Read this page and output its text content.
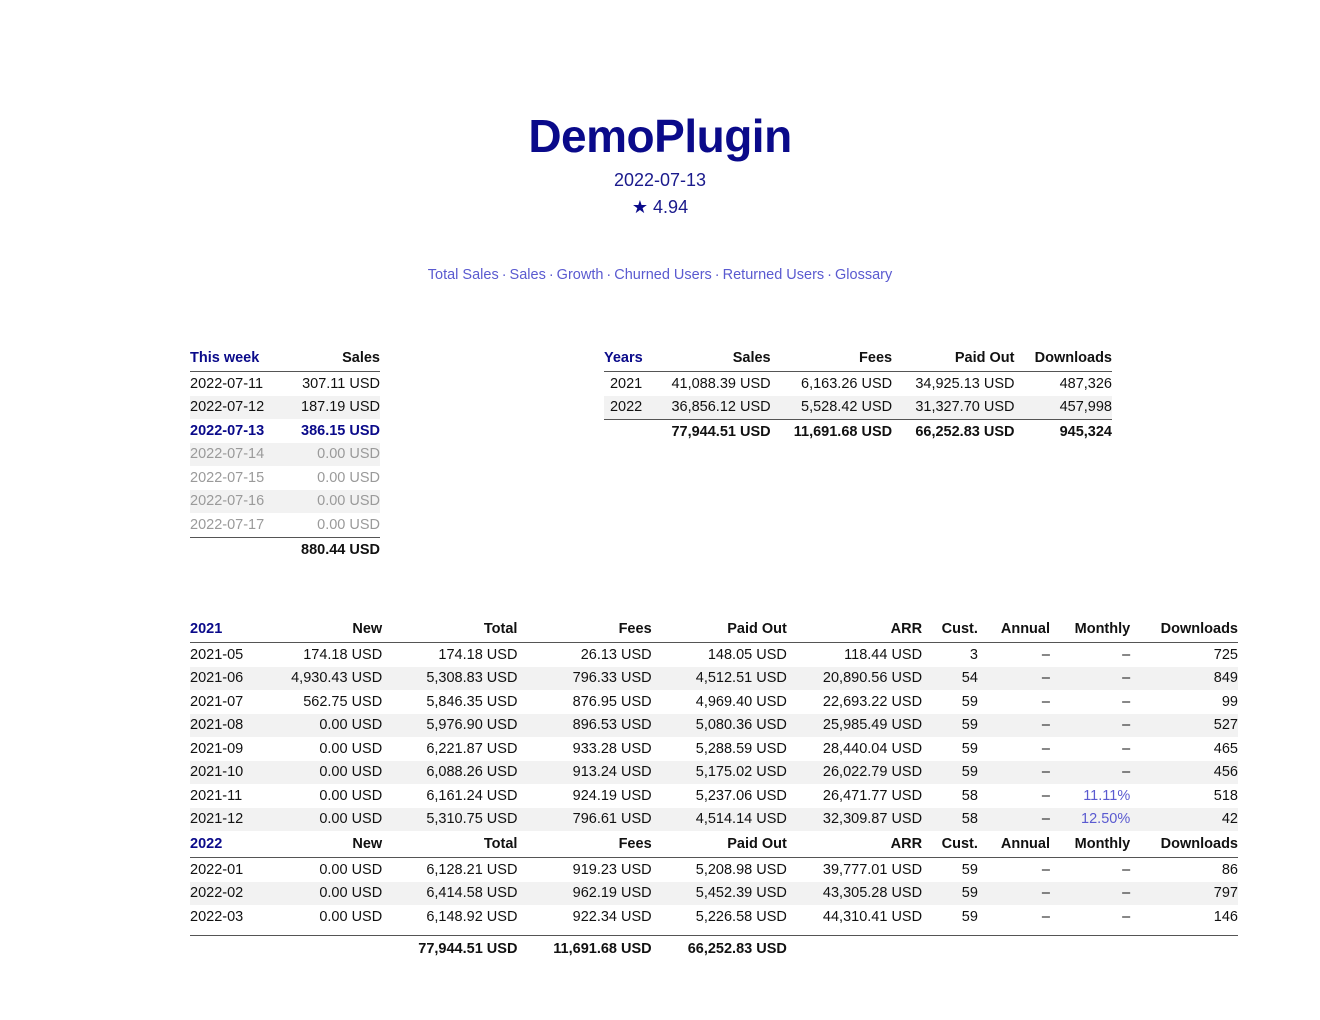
DemoPlugin
2022-07-13
★ 4.94
Total Sales · Sales · Growth · Churned Users · Returned Users · Glossary
This week	Sales
2022-07-11	307.11 USD
2022-07-12	187.19 USD
2022-07-13	386.15 USD
2022-07-14	0.00 USD
2022-07-15	0.00 USD
2022-07-16	0.00 USD
2022-07-17	0.00 USD
	880.44 USD
Years	Sales	Fees	Paid Out	Downloads
2021	41,088.39 USD	6,163.26 USD	34,925.13 USD	487,326
2022	36,856.12 USD	5,528.42 USD	31,327.70 USD	457,998
	77,944.51 USD	11,691.68 USD	66,252.83 USD	945,324
2021	New	Total	Fees	Paid Out	ARR	Cust.	Annual	Monthly	Downloads
2021-05	174.18 USD	174.18 USD	26.13 USD	148.05 USD	118.44 USD	3	–	–	725
2021-06	4,930.43 USD	5,308.83 USD	796.33 USD	4,512.51 USD	20,890.56 USD	54	–	–	849
2021-07	562.75 USD	5,846.35 USD	876.95 USD	4,969.40 USD	22,693.22 USD	59	–	–	99
2021-08	0.00 USD	5,976.90 USD	896.53 USD	5,080.36 USD	25,985.49 USD	59	–	–	527
2021-09	0.00 USD	6,221.87 USD	933.28 USD	5,288.59 USD	28,440.04 USD	59	–	–	465
2021-10	0.00 USD	6,088.26 USD	913.24 USD	5,175.02 USD	26,022.79 USD	59	–	–	456
2021-11	0.00 USD	6,161.24 USD	924.19 USD	5,237.06 USD	26,471.77 USD	58	–	11.11%	518
2021-12	0.00 USD	5,310.75 USD	796.61 USD	4,514.14 USD	32,309.87 USD	58	–	12.50%	42
2022	New	Total	Fees	Paid Out	ARR	Cust.	Annual	Monthly	Downloads
2022-01	0.00 USD	6,128.21 USD	919.23 USD	5,208.98 USD	39,777.01 USD	59	–	–	86
2022-02	0.00 USD	6,414.58 USD	962.19 USD	5,452.39 USD	43,305.28 USD	59	–	–	797
2022-03	0.00 USD	6,148.92 USD	922.34 USD	5,226.58 USD	44,310.41 USD	59	–	–	146

		77,944.51 USD	11,691.68 USD	66,252.83 USD					
